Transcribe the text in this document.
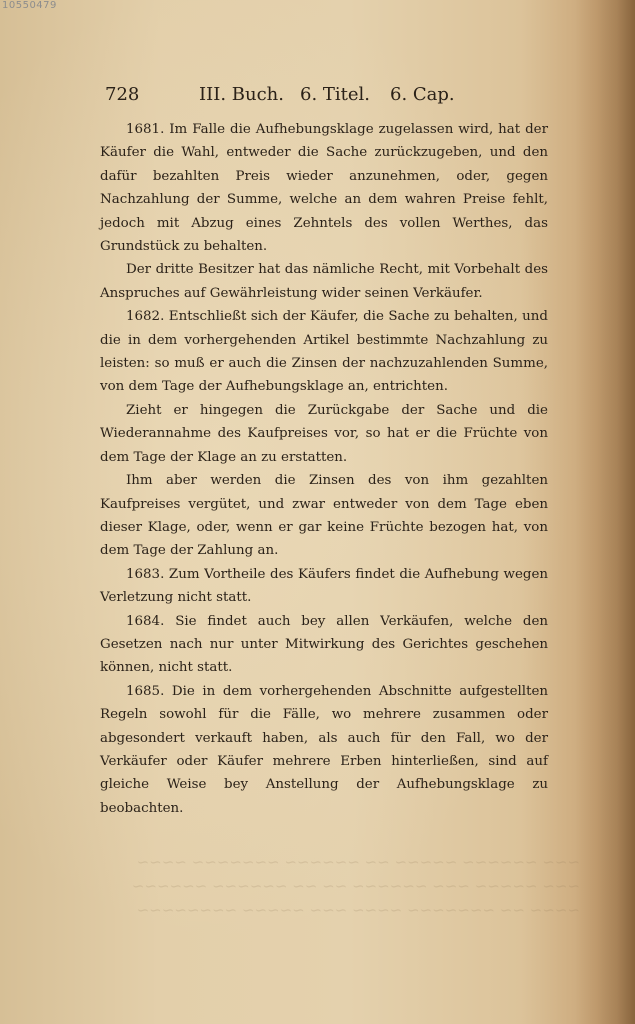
~~~ ~~~~~~ ~~~~~ ~~ ~~~~~~ ~~~~~~~ ~~~~
~~~ ~~~~~ ~~~ ~~~~~~ ~~ ~~ ~~~~~~ ~~~~~~
~~~~ ~~ ~~~~~~~ ~~~~ ~~~ ~~~~~ ~~~~~~~~
10550479
728	III. Buch. 6. Titel. 6. Cap.

1681. Im Falle die Aufhebungsklage zugelassen wird, hat der Käufer die Wahl, entweder die Sache zurückzugeben, und den dafür bezahlten Preis wieder anzunehmen, oder, gegen Nachzahlung der Summe, welche an dem wahren Preise fehlt, jedoch mit Abzug eines Zehntels des vollen Werthes, das Grundstück zu behalten.

Der dritte Besitzer hat das nämliche Recht, mit Vorbehalt des Anspruches auf Gewährleistung wider seinen Verkäufer.

1682. Entschließt sich der Käufer, die Sache zu behalten, und die in dem vorhergehenden Artikel bestimmte Nachzahlung zu leisten: so muß er auch die Zinsen der nachzuzahlenden Summe, von dem Tage der Aufhebungsklage an, entrichten.

Zieht er hingegen die Zurückgabe der Sache und die Wiederannahme des Kaufpreises vor, so hat er die Früchte von dem Tage der Klage an zu erstatten.

Ihm aber werden die Zinsen des von ihm gezahlten Kaufpreises vergütet, und zwar entweder von dem Tage eben dieser Klage, oder, wenn er gar keine Früchte bezogen hat, von dem Tage der Zahlung an.

1683. Zum Vortheile des Käufers findet die Aufhebung wegen Verletzung nicht statt.

1684. Sie findet auch bey allen Verkäufen, welche den Gesetzen nach nur unter Mitwirkung des Gerichtes geschehen können, nicht statt.

1685. Die in dem vorhergehenden Abschnitte aufgestellten Regeln sowohl für die Fälle, wo mehrere zusammen oder abgesondert verkauft haben, als auch für den Fall, wo der Verkäufer oder Käufer mehrere Erben hinterließen, sind auf gleiche Weise bey Anstellung der Aufhebungsklage zu beobachten.
